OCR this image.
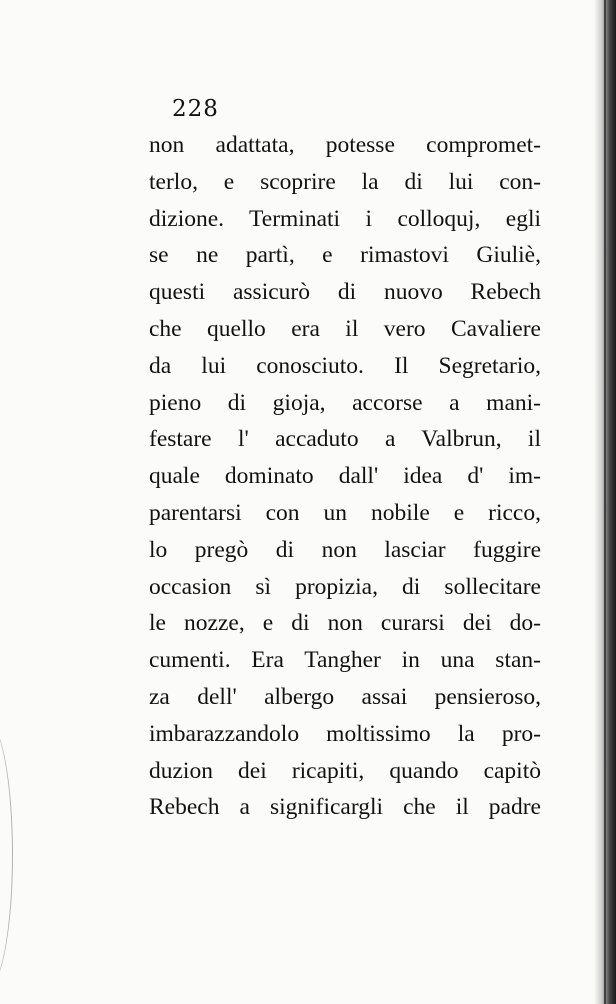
228
non adattata, potesse compromet-
terlo, e scoprire la di lui con-
dizione. Terminati i colloquj, egli
se ne partì, e rimastovi Giuliè,
questi assicurò di nuovo Rebech
che quello era il vero Cavaliere
da lui conosciuto. Il Segretario,
pieno di gioja, accorse a mani-
festare l' accaduto a Valbrun, il
quale dominato dall' idea d' im-
parentarsi con un nobile e ricco,
lo pregò di non lasciar fuggire
occasion sì propizia, di sollecitare
le nozze, e di non curarsi dei do-
cumenti. Era Tangher in una stan-
za dell' albergo assai pensieroso,
imbarazzandolo moltissimo la pro-
duzion dei ricapiti, quando capitò
Rebech a significargli che il padre
